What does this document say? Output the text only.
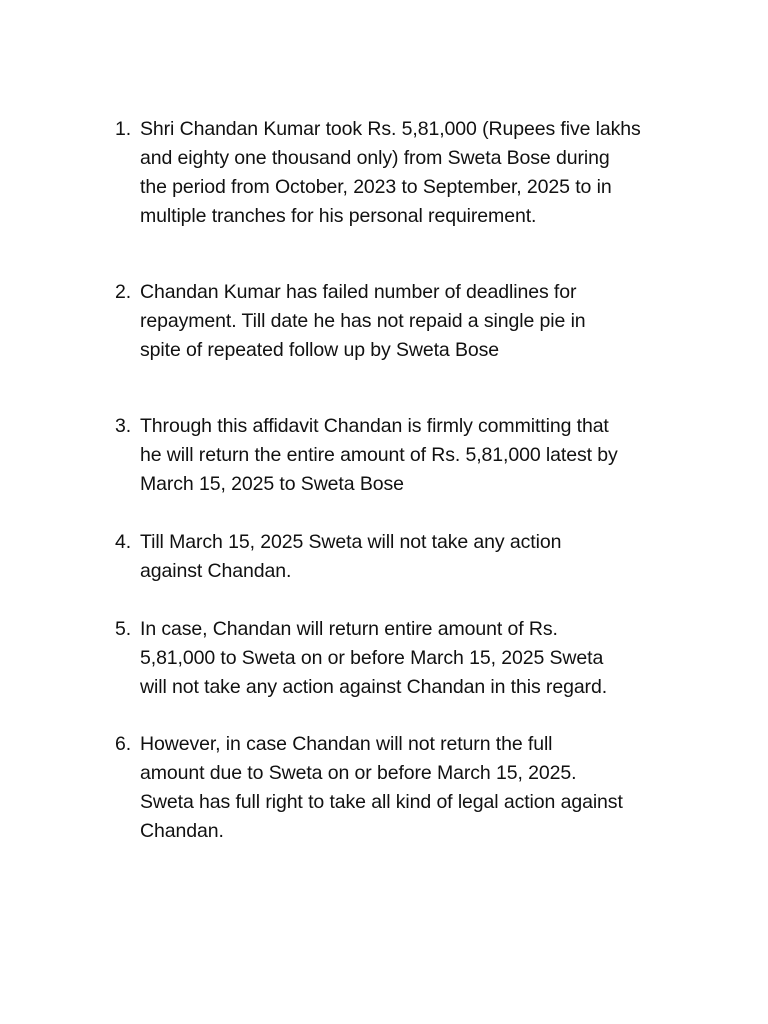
1. Shri Chandan Kumar took Rs. 5,81,000 (Rupees five lakhs
and eighty one thousand only) from Sweta Bose during
the period from October, 2023 to September, 2025 to in
multiple tranches for his personal requirement.
2. Chandan Kumar has failed number of deadlines for
repayment. Till date he has not repaid a single pie in
spite of repeated follow up by Sweta Bose
3. Through this affidavit Chandan is firmly committing that
he will return the entire amount of Rs. 5,81,000 latest by
March 15, 2025 to Sweta Bose
4. Till March 15, 2025 Sweta will not take any action
against Chandan.
5. In case, Chandan will return entire amount of Rs.
5,81,000 to Sweta on or before March 15, 2025 Sweta
will not take any action against Chandan in this regard.
6. However, in case Chandan will not return the full
amount due to Sweta on or before March 15, 2025.
Sweta has full right to take all kind of legal action against
Chandan.
